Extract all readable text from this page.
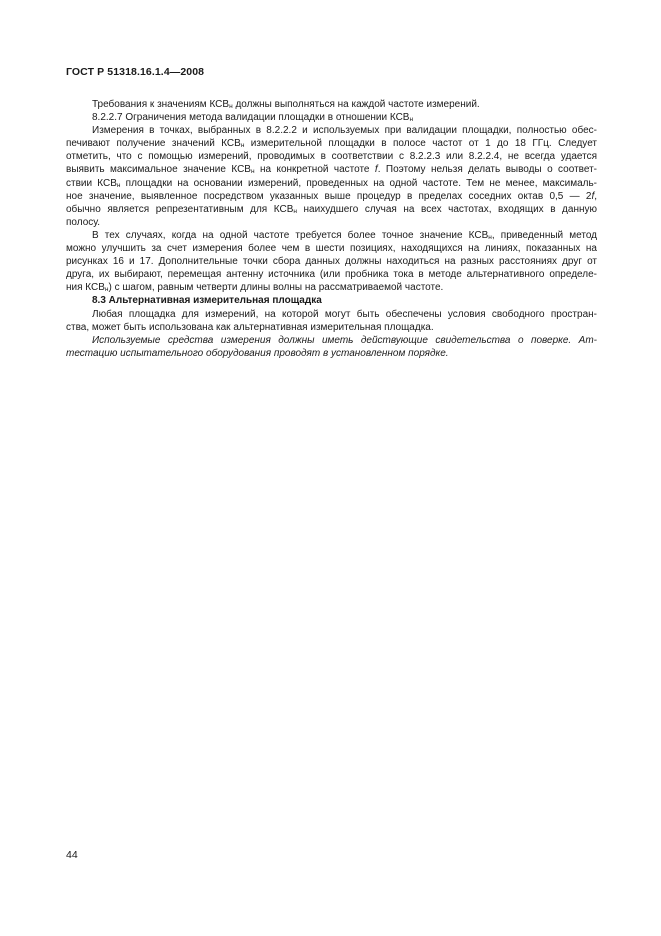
ГОСТ Р 51318.16.1.4—2008
Требования к значениям $КСВ_н$ должны выполняться на каждой частоте измерений.
8.2.2.7 Ограничения метода валидации площадки в отношении $КСВ_н$
Измерения в точках, выбранных в 8.2.2.2 и используемых при валидации площадки, полностью обес-
печивают получение значений $КСВ_н$ измерительной площадки в полосе частот от 1 до 18 ГГц. Следует
отметить, что с помощью измерений, проводимых в соответствии с 8.2.2.3 или 8.2.2.4, не всегда удается
выявить максимальное значение $КСВ_н$ на конкретной частоте f. Поэтому нельзя делать выводы о соответ-
ствии $КСВ_н$ площадки на основании измерений, проведенных на одной частоте. Тем не менее, максималь-
ное значение, выявленное посредством указанных выше процедур в пределах соседних октав 0,5 — 2f,
обычно является репрезентативным для $КСВ_н$ наихудшего случая на всех частотах, входящих в данную
полосу.
В тех случаях, когда на одной частоте требуется более точное значение $КСВ_н$, приведенный метод
можно улучшить за счет измерения более чем в шести позициях, находящихся на линиях, показанных на
рисунках 16 и 17. Дополнительные точки сбора данных должны находиться на разных расстояниях друг от
друга, их выбирают, перемещая антенну источника (или пробника тока в методе альтернативного определе-
ния $КСВ_н$) с шагом, равным четверти длины волны на рассматриваемой частоте.
8.3 Альтернативная измерительная площадка
Любая площадка для измерений, на которой могут быть обеспечены условия свободного простран-
ства, может быть использована как альтернативная измерительная площадка.
Используемые средства измерения должны иметь действующие свидетельства о поверке. Ат-
тестацию испытательного оборудования проводят в установленном порядке.
44
